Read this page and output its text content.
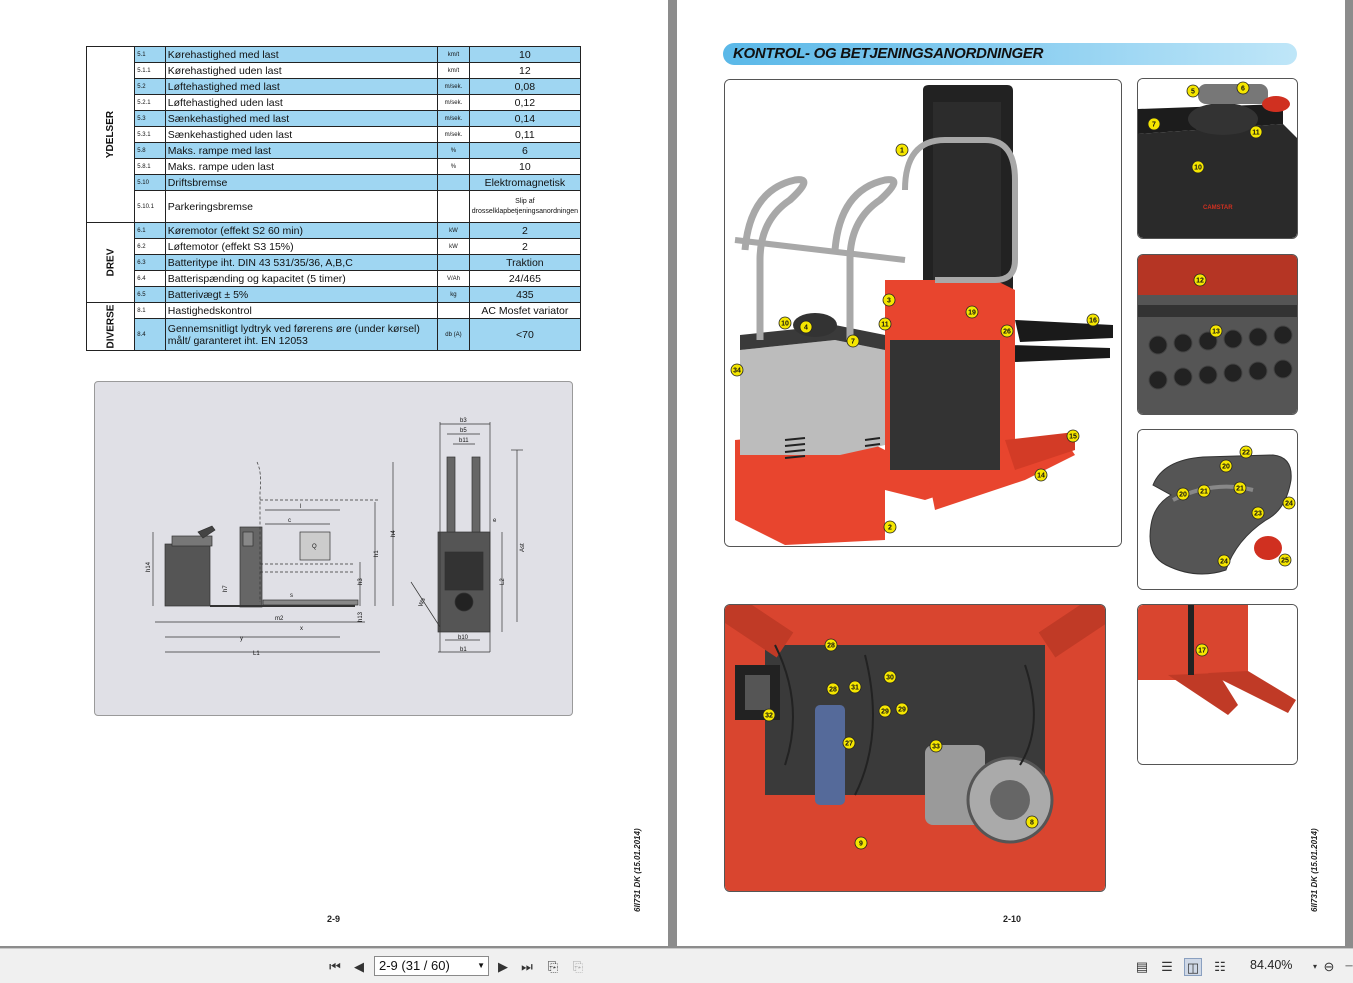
YDELSER	5.1	Kørehastighed med last	km/t	10
	5.1.1	Kørehastighed uden last	km/t	12
	5.2	Løftehastighed med last	m/sek.	0,08
	5.2.1	Løftehastighed uden last	m/sek.	0,12
	5.3	Sænkehastighed med last	m/sek.	0,14
	5.3.1	Sænkehastighed uden last	m/sek.	0,11
	5.8	Maks. rampe med last	%	6
	5.8.1	Maks. rampe uden last	%	10
	5.10	Driftsbremse		Elektromagnetisk
	5.10.1	Parkeringsbremse		Slip af drosselklapbetjeningsanordningen
DREV	6.1	Køremotor (effekt S2 60 min)	kW	2
	6.2	Løftemotor (effekt S3 15%)	kW	2
	6.3	Batteritype iht. DIN 43 531/35/36, A,B,C		Traktion
	6.4	Batterispænding og kapacitet (5 timer)	V/Ah	24/465
	6.5	Batterivægt ± 5%	kg	435
DIVERSE	8.1	Hastighedskontrol		AC Mosfet variator
	8.4	Gennemsnitligt lydtryk ved førerens øre (under kørsel) målt/ garanteret iht. EN 12053	db (A)	<70
b3
b5
b11
Q
c
l
h1
h4
h14
h7
h3
h13
m2
x
y
L1
e
L2
Ast
Wa
b10
b1
s
2-9
6II731 DK (15.01.2014)
KONTROL- OG BETJENINGSANORDNINGER
1
2
3
4
7
10	11
14
15
16
19
26
34
CAMSTAR
5	6
7
10
11
12
13
20
21
22
23
24
25
20
21
24
28
28 31
30
32
29 29
27	33
8
9
17
2-10
6II731 DK (15.01.2014)
⏮	◀	▶	⏭ ⎘ ⎘	▤ ☰ ◫ ☷	▾ ⊖	─
2-9 (31 / 60)	▼	84.40%
